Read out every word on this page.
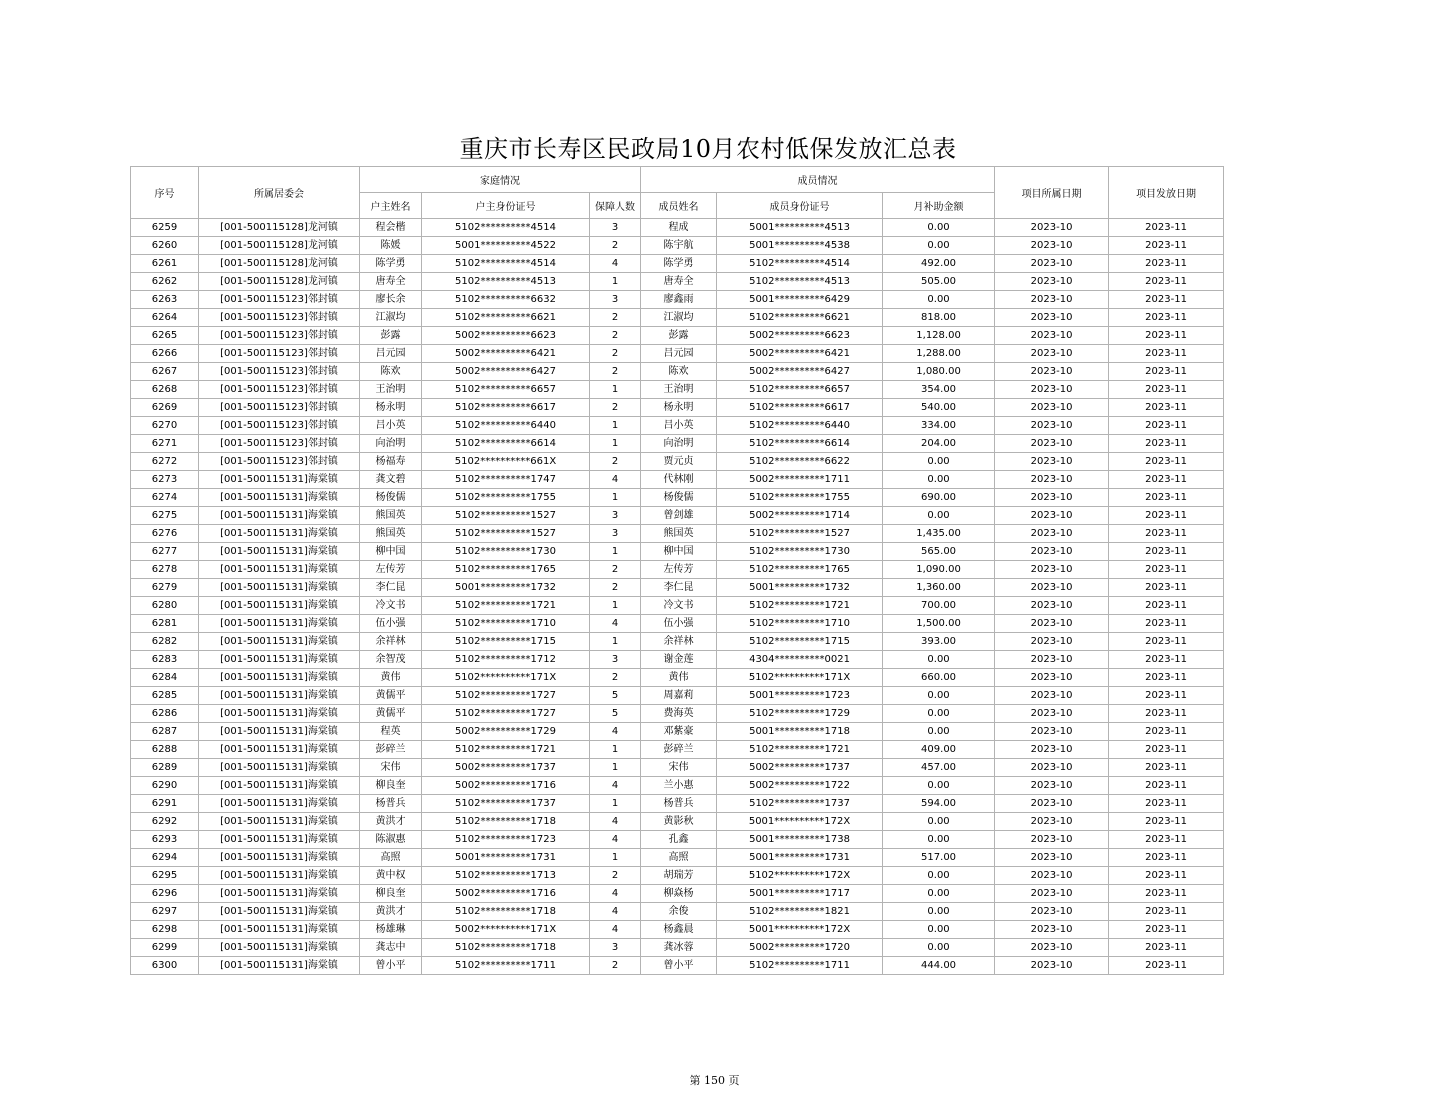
重庆市长寿区民政局10月农村低保发放汇总表
序号	所属居委会	家庭情况			成员情况			项目所属日期	项目发放日期
		户主姓名	户主身份证号	保障人数	成员姓名	成员身份证号	月补助金额		
6259	[001-500115128]龙河镇	程会楷	5102**********4514	3	程成	5001**********4513	0.00	2023-10	2023-11
6260	[001-500115128]龙河镇	陈媛	5001**********4522	2	陈宇航	5001**********4538	0.00	2023-10	2023-11
6261	[001-500115128]龙河镇	陈学勇	5102**********4514	4	陈学勇	5102**********4514	492.00	2023-10	2023-11
6262	[001-500115128]龙河镇	唐寿全	5102**********4513	1	唐寿全	5102**********4513	505.00	2023-10	2023-11
6263	[001-500115123]邻封镇	廖长余	5102**********6632	3	廖鑫雨	5001**********6429	0.00	2023-10	2023-11
6264	[001-500115123]邻封镇	江淑均	5102**********6621	2	江淑均	5102**********6621	818.00	2023-10	2023-11
6265	[001-500115123]邻封镇	彭露	5002**********6623	2	彭露	5002**********6623	1,128.00	2023-10	2023-11
6266	[001-500115123]邻封镇	吕元园	5002**********6421	2	吕元园	5002**********6421	1,288.00	2023-10	2023-11
6267	[001-500115123]邻封镇	陈欢	5002**********6427	2	陈欢	5002**********6427	1,080.00	2023-10	2023-11
6268	[001-500115123]邻封镇	王治明	5102**********6657	1	王治明	5102**********6657	354.00	2023-10	2023-11
6269	[001-500115123]邻封镇	杨永明	5102**********6617	2	杨永明	5102**********6617	540.00	2023-10	2023-11
6270	[001-500115123]邻封镇	吕小英	5102**********6440	1	吕小英	5102**********6440	334.00	2023-10	2023-11
6271	[001-500115123]邻封镇	向治明	5102**********6614	1	向治明	5102**********6614	204.00	2023-10	2023-11
6272	[001-500115123]邻封镇	杨福寿	5102**********661X	2	贾元贞	5102**********6622	0.00	2023-10	2023-11
6273	[001-500115131]海棠镇	龚文碧	5102**********1747	4	代林刚	5002**********1711	0.00	2023-10	2023-11
6274	[001-500115131]海棠镇	杨俊儒	5102**********1755	1	杨俊儒	5102**********1755	690.00	2023-10	2023-11
6275	[001-500115131]海棠镇	熊国英	5102**********1527	3	曾剑雄	5002**********1714	0.00	2023-10	2023-11
6276	[001-500115131]海棠镇	熊国英	5102**********1527	3	熊国英	5102**********1527	1,435.00	2023-10	2023-11
6277	[001-500115131]海棠镇	柳中国	5102**********1730	1	柳中国	5102**********1730	565.00	2023-10	2023-11
6278	[001-500115131]海棠镇	左传芳	5102**********1765	2	左传芳	5102**********1765	1,090.00	2023-10	2023-11
6279	[001-500115131]海棠镇	李仁昆	5001**********1732	2	李仁昆	5001**********1732	1,360.00	2023-10	2023-11
6280	[001-500115131]海棠镇	冷文书	5102**********1721	1	冷文书	5102**********1721	700.00	2023-10	2023-11
6281	[001-500115131]海棠镇	伍小强	5102**********1710	4	伍小强	5102**********1710	1,500.00	2023-10	2023-11
6282	[001-500115131]海棠镇	余祥林	5102**********1715	1	余祥林	5102**********1715	393.00	2023-10	2023-11
6283	[001-500115131]海棠镇	余智茂	5102**********1712	3	谢金莲	4304**********0021	0.00	2023-10	2023-11
6284	[001-500115131]海棠镇	黄伟	5102**********171X	2	黄伟	5102**********171X	660.00	2023-10	2023-11
6285	[001-500115131]海棠镇	黄儒平	5102**********1727	5	周嘉莉	5001**********1723	0.00	2023-10	2023-11
6286	[001-500115131]海棠镇	黄儒平	5102**********1727	5	费海英	5102**********1729	0.00	2023-10	2023-11
6287	[001-500115131]海棠镇	程英	5002**********1729	4	邓紫豪	5001**********1718	0.00	2023-10	2023-11
6288	[001-500115131]海棠镇	彭碎兰	5102**********1721	1	彭碎兰	5102**********1721	409.00	2023-10	2023-11
6289	[001-500115131]海棠镇	宋伟	5002**********1737	1	宋伟	5002**********1737	457.00	2023-10	2023-11
6290	[001-500115131]海棠镇	柳良奎	5002**********1716	4	兰小惠	5002**********1722	0.00	2023-10	2023-11
6291	[001-500115131]海棠镇	杨普兵	5102**********1737	1	杨普兵	5102**********1737	594.00	2023-10	2023-11
6292	[001-500115131]海棠镇	黄洪才	5102**********1718	4	黄影秋	5001**********172X	0.00	2023-10	2023-11
6293	[001-500115131]海棠镇	陈淑惠	5102**********1723	4	孔鑫	5001**********1738	0.00	2023-10	2023-11
6294	[001-500115131]海棠镇	高照	5001**********1731	1	高照	5001**********1731	517.00	2023-10	2023-11
6295	[001-500115131]海棠镇	黄中权	5102**********1713	2	胡瑞芳	5102**********172X	0.00	2023-10	2023-11
6296	[001-500115131]海棠镇	柳良奎	5002**********1716	4	柳焱杨	5001**********1717	0.00	2023-10	2023-11
6297	[001-500115131]海棠镇	黄洪才	5102**********1718	4	余俊	5102**********1821	0.00	2023-10	2023-11
6298	[001-500115131]海棠镇	杨雄琳	5002**********171X	4	杨鑫晨	5001**********172X	0.00	2023-10	2023-11
6299	[001-500115131]海棠镇	龚志中	5102**********1718	3	龚冰蓉	5002**********1720	0.00	2023-10	2023-11
6300	[001-500115131]海棠镇	曾小平	5102**********1711	2	曾小平	5102**********1711	444.00	2023-10	2023-11
第 150 页
